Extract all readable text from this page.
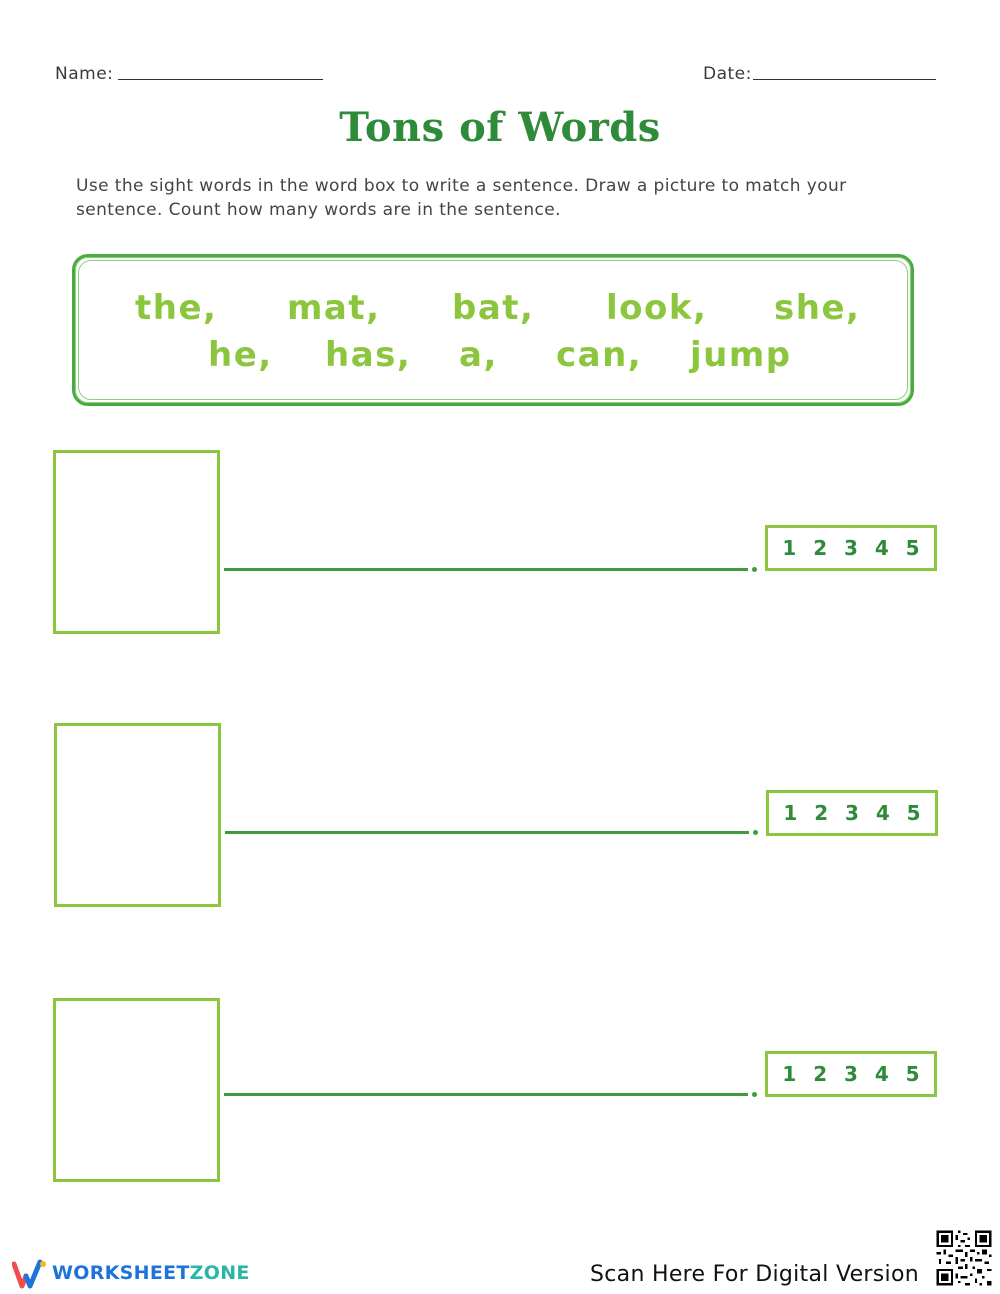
Name:	Date:
Tons of Words
Use the sight words in the word box to write a sentence. Draw a picture to match your sentence. Count how many words are in the sentence.
the, mat, bat, look, she,
he, has, a, can, jump
1 2 3 4 5
1 2 3 4 5
1 2 3 4 5
WORKSHEETZONE	Scan Here For Digital Version
